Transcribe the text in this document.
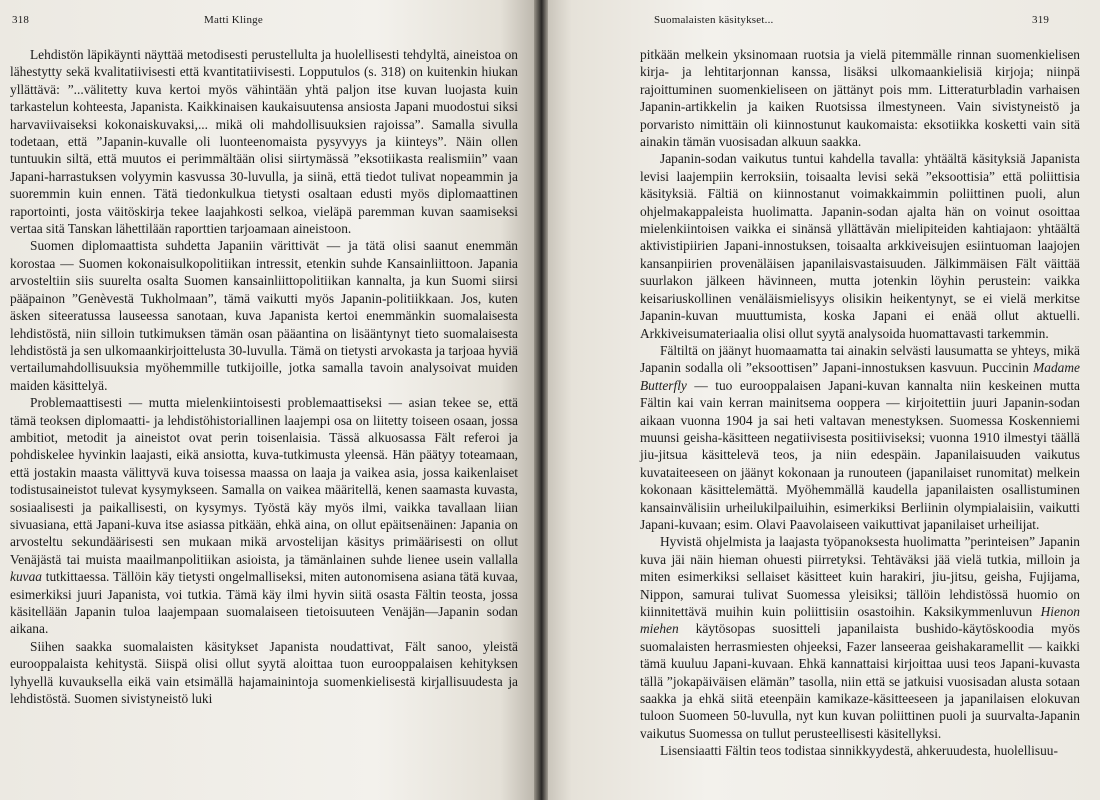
318	Matti Klinge

Lehdistön läpikäynti näyttää metodisesti perustellulta ja huolellisesti tehdyltä, aineistoa on lähestytty sekä kvalitatiivisesti että kvantitatiivisesti. Lopputulos (s. 318) on kuitenkin hiukan yllättävä: ”...välitetty kuva kertoi myös vähintään yhtä paljon itse kuvan luojasta kuin tarkastelun kohteesta, Japanista. Kaikkinaisen kaukaisuutensa ansiosta Japani muodostui siksi harvaviivaiseksi kokonaiskuvaksi,... mikä oli mahdollisuuksien rajoissa”. Samalla sivulla todetaan, että ”Japanin-kuvalle oli luonteenomaista pysyvyys ja kiinteys”. Näin ollen tuntuukin siltä, että muutos ei perimmältään olisi siirtymässä ”eksotiikasta realismiin” vaan Japani-harrastuksen volyymin kasvussa 30-luvulla, ja siinä, että tiedot tulivat nopeammin ja suoremmin kuin ennen. Tätä tiedonkulkua tietysti osaltaan edusti myös diplomaattinen raportointi, josta väitöskirja tekee laajahkosti selkoa, vieläpä paremman kuvan saamiseksi vertaa sitä Tanskan lähettilään raporttien tarjoamaan aineistoon.

Suomen diplomaattista suhdetta Japaniin värittivät — ja tätä olisi saanut enemmän korostaa — Suomen kokonaisulkopolitiikan intressit, etenkin suhde Kansainliittoon. Japania arvosteltiin siis suurelta osalta Suomen kansainliittopolitiikan kannalta, ja kun Suomi siirsi pääpainon ”Genèvestä Tukholmaan”, tämä vaikutti myös Japanin-politiikkaan. Jos, kuten äsken siteeratussa lauseessa sanotaan, kuva Japanista kertoi enemmänkin suomalaisesta lehdistöstä, niin silloin tutkimuksen tämän osan pääantina on lisääntynyt tieto suomalaisesta lehdistöstä ja sen ulkomaankirjoittelusta 30-luvulla. Tämä on tietysti arvokasta ja tarjoaa hyviä vertailumahdollisuuksia myöhemmille tutkijoille, jotka samalla tavoin analysoivat muiden maiden käsittelyä.

Problemaattisesti — mutta mielenkiintoisesti problemaattiseksi — asian tekee se, että tämä teoksen diplomaatti- ja lehdistöhistoriallinen laajempi osa on liitetty toiseen osaan, jossa ambitiot, metodit ja aineistot ovat perin toisenlaisia. Tässä alkuosassa Fält referoi ja pohdiskelee hyvinkin laajasti, eikä ansiotta, kuva-tutkimusta yleensä. Hän päätyy toteamaan, että jostakin maasta välittyvä kuva toisessa maassa on laaja ja vaikea asia, jossa kaikenlaiset todistusaineistot tulevat kysymykseen. Samalla on vaikea määritellä, kenen saamasta kuvasta, sosiaalisesti ja paikallisesti, on kysymys. Työstä käy myös ilmi, vaikka tavallaan liian sivuasiana, että Japani-kuva itse asiassa pitkään, ehkä aina, on ollut epäitsenäinen: Japania on arvosteltu sekundäärisesti sen mukaan mikä arvostelijan käsitys primäärisesti on ollut Venäjästä tai muista maailmanpolitiikan asioista, ja tämänlainen suhde lienee usein vallalla kuvaa tutkittaessa. Tällöin käy tietysti ongelmalliseksi, miten autonomisena asiana tätä kuvaa, esimerkiksi juuri Japanista, voi tutkia. Tämä käy ilmi hyvin siitä osasta Fältin teosta, jossa käsitellään Japanin tuloa laajempaan suomalaiseen tietoisuuteen Venäjän—Japanin sodan aikana.

Siihen saakka suomalaisten käsitykset Japanista noudattivat, Fält sanoo, yleistä eurooppalaista kehitystä. Siispä olisi ollut syytä aloittaa tuon eurooppalaisen kehityksen lyhyellä kuvauksella eikä vain etsimällä hajamainintoja suomenkielisestä kirjallisuudesta ja lehdistöstä. Suomen sivistyneistö luki

Suomalaisten käsitykset...	319

pitkään melkein yksinomaan ruotsia ja vielä pitemmälle rinnan suomenkielisen kirja- ja lehtitarjonnan kanssa, lisäksi ulkomaankielisiä kirjoja; niinpä rajoittuminen suomenkieliseen on jättänyt pois mm. Litteraturbladin varhaisen Japanin-artikkelin ja kaiken Ruotsissa ilmestyneen. Vain sivistyneistö ja porvaristo nimittäin oli kiinnostunut kaukomaista: eksotiikka kosketti vain sitä ainakin tämän vuosisadan alkuun saakka.

Japanin-sodan vaikutus tuntui kahdella tavalla: yhtäältä käsityksiä Japanista levisi laajempiin kerroksiin, toisaalta levisi sekä ”eksoottisia” että poliittisia käsityksiä. Fältiä on kiinnostanut voimakkaimmin poliittinen puoli, alun ohjelmakappaleista huolimatta. Japanin-sodan ajalta hän on voinut osoittaa mielenkiintoisen vaikka ei sinänsä yllättävän mielipiteiden kahtiajaon: yhtäältä aktivistipiirien Japani-innostuksen, toisaalta arkkiveisujen esiintuoman laajojen kansanpiirien provenäläisen japanilaisvastaisuuden. Jälkimmäisen Fält väittää suurlakon jälkeen hävinneen, mutta jotenkin löyhin perustein: vaikka keisariuskollinen venäläismielisyys olisikin heikentynyt, se ei vielä merkitse Japanin-kuvan muuttumista, koska Japani ei enää ollut aktuelli. Arkkiveisumateriaalia olisi ollut syytä analysoida huomattavasti tarkemmin.

Fältiltä on jäänyt huomaamatta tai ainakin selvästi lausumatta se yhteys, mikä Japanin sodalla oli ”eksoottisen” Japani-innostuksen kasvuun. Puccinin Madame Butterfly — tuo eurooppalaisen Japani-kuvan kannalta niin keskeinen mutta Fältin kai vain kerran mainitsema ooppera — kirjoitettiin juuri Japanin-sodan aikaan vuonna 1904 ja sai heti valtavan menestyksen. Suomessa Koskenniemi muunsi geisha-käsitteen negatiivisesta positiiviseksi; vuonna 1910 ilmestyi täällä jiu-jitsua käsittelevä teos, ja niin edespäin. Japanilaisuuden vaikutus kuvataiteeseen on jäänyt kokonaan ja runouteen (japanilaiset runomitat) melkein kokonaan käsittelemättä. Myöhemmällä kaudella japanilaisten osallistuminen kansainvälisiin urheilukilpailuihin, esimerkiksi Berliinin olympialaisiin, vaikutti Japani-kuvaan; esim. Olavi Paavolaiseen vaikuttivat japanilaiset urheilijat.

Hyvistä ohjelmista ja laajasta työpanoksesta huolimatta ”perinteisen” Japanin kuva jäi näin hieman ohuesti piirretyksi. Tehtäväksi jää vielä tutkia, milloin ja miten esimerkiksi sellaiset käsitteet kuin harakiri, jiu-jitsu, geisha, Fujijama, Nippon, samurai tulivat Suomessa yleisiksi; tällöin lehdistössä huomio on kiinnitettävä muihin kuin poliittisiin osastoihin. Kaksikymmenluvun Hienon miehen käytösopas suositteli japanilaista bushido-käytöskoodia myös suomalaisten herrasmiesten ohjeeksi, Fazer lanseeraa geishakaramellit — kaikki tämä kuuluu Japani-kuvaan. Ehkä kannattaisi kirjoittaa uusi teos Japani-kuvasta tällä ”jokapäiväisen elämän” tasolla, niin että se jatkuisi vuosisadan alusta sotaan saakka ja ehkä siitä eteenpäin kamikaze-käsitteeseen ja japanilaisen elokuvan tuloon Suomeen 50-luvulla, nyt kun kuvan poliittinen puoli ja suurvalta-Japanin vaikutus Suomessa on tullut perusteellisesti käsitellyksi.

Lisensiaatti Fältin teos todistaa sinnikkyydestä, ahkeruudesta, huolellisuu-
